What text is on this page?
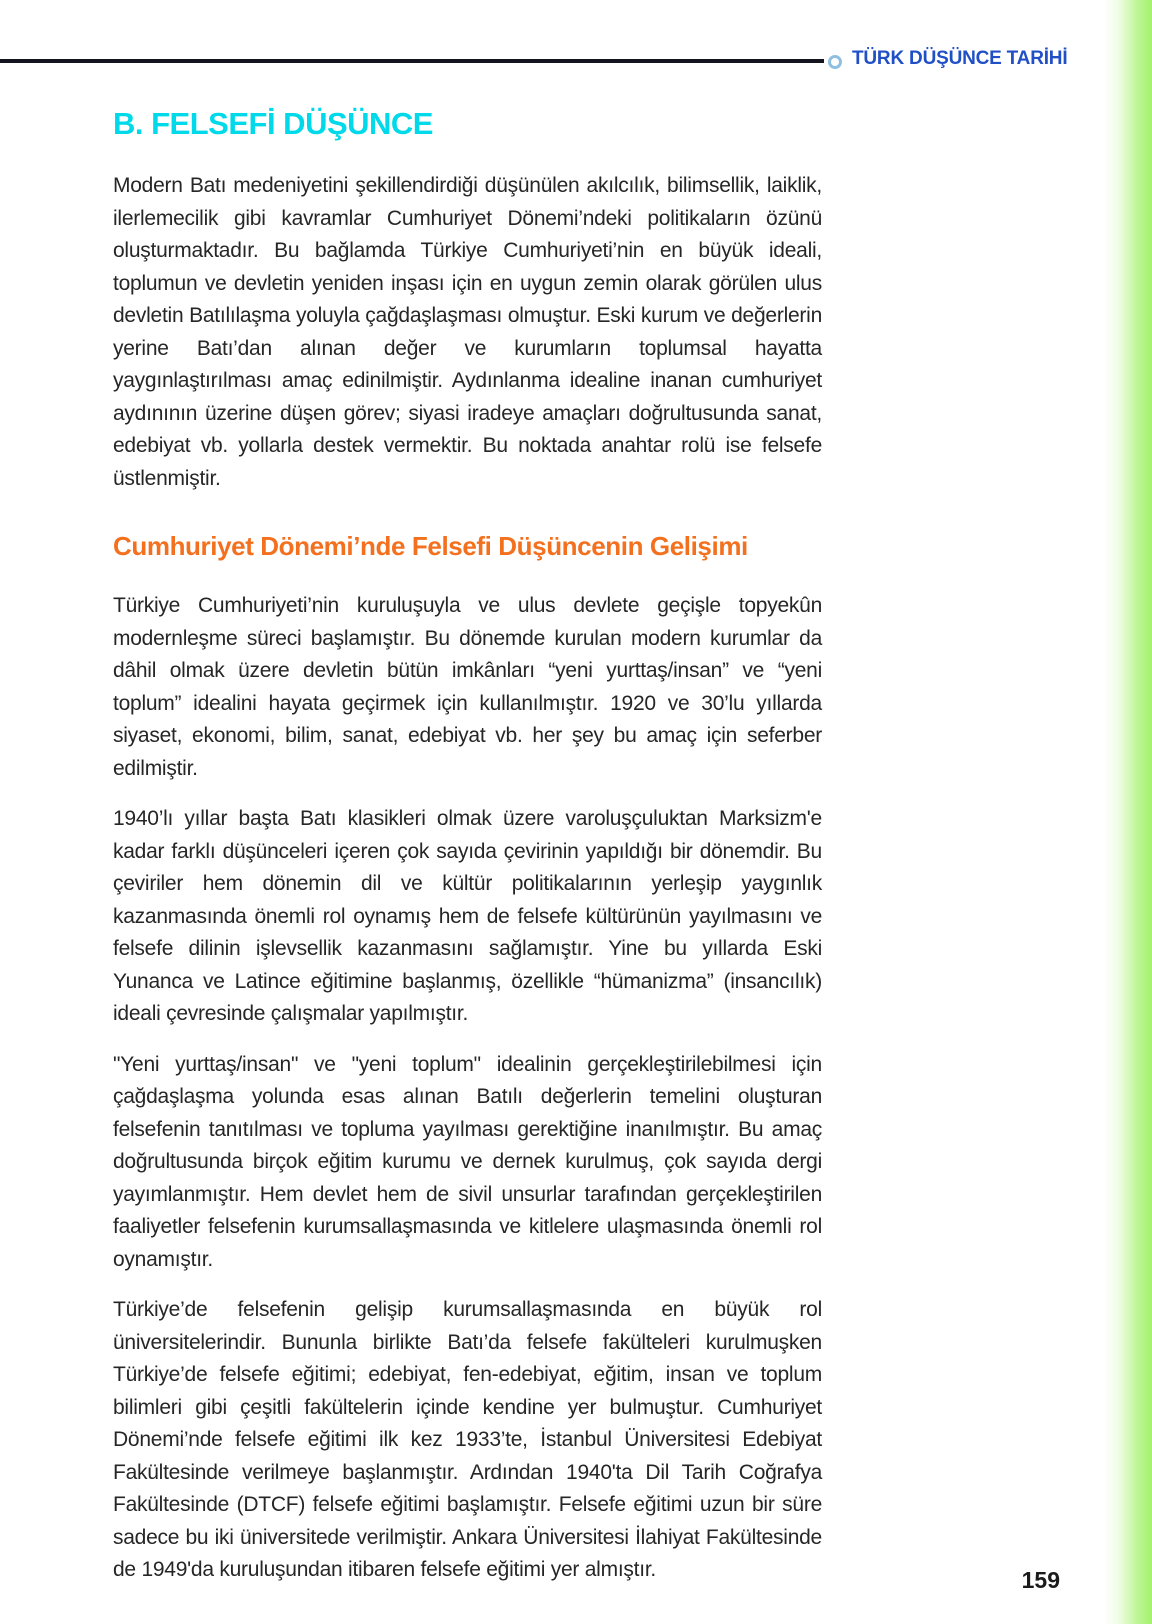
TÜRK DÜŞÜNCE TARİHİ
B. FELSEFİ DÜŞÜNCE

Modern Batı medeniyetini şekillendirdiği düşünülen akılcılık, bilimsellik, laiklik, ilerlemecilik gibi kavramlar Cumhuriyet Dönemi’ndeki politikaların özünü oluşturmaktadır. Bu bağlamda Türkiye Cumhuriyeti’nin en büyük ideali, toplumun ve devletin yeniden inşası için en uygun zemin olarak görülen ulus devletin Batılılaşma yoluyla çağdaşlaşması olmuştur. Eski kurum ve değerlerin yerine Batı’dan alınan değer ve kurumların toplumsal hayatta yaygınlaştırılması amaç edinilmiştir. Aydınlanma idealine inanan cumhuriyet aydınının üzerine düşen görev; siyasi iradeye amaçları doğrultusunda sanat, edebiyat vb. yollarla destek vermektir. Bu noktada anahtar rolü ise felsefe üstlenmiştir.

Cumhuriyet Dönemi’nde Felsefi Düşüncenin Gelişimi

Türkiye Cumhuriyeti’nin kuruluşuyla ve ulus devlete geçişle topyekûn modernleşme süreci başlamıştır. Bu dönemde kurulan modern kurumlar da dâhil olmak üzere devletin bütün imkânları “yeni yurttaş/insan” ve “yeni toplum” idealini hayata geçirmek için kullanılmıştır. 1920 ve 30’lu yıllarda siyaset, ekonomi, bilim, sanat, edebiyat vb. her şey bu amaç için seferber edilmiştir.

1940’lı yıllar başta Batı klasikleri olmak üzere varoluşçuluktan Marksizm'e kadar farklı düşünceleri içeren çok sayıda çevirinin yapıldığı bir dönemdir. Bu çeviriler hem dönemin dil ve kültür politikalarının yerleşip yaygınlık kazanmasında önemli rol oynamış hem de felsefe kültürünün yayılmasını ve felsefe dilinin işlevsellik kazanmasını sağlamıştır. Yine bu yıllarda Eski Yunanca ve Latince eğitimine başlanmış, özellikle “hümanizma” (insancılık) ideali çevresinde çalışmalar yapılmıştır.

"Yeni yurttaş/insan" ve "yeni toplum" idealinin gerçekleştirilebilmesi için çağdaşlaşma yolunda esas alınan Batılı değerlerin temelini oluşturan felsefenin tanıtılması ve topluma yayılması gerektiğine inanılmıştır. Bu amaç doğrultusunda birçok eğitim kurumu ve dernek kurulmuş, çok sayıda dergi yayımlanmıştır. Hem devlet hem de sivil unsurlar tarafından gerçekleştirilen faaliyetler felsefenin kurumsallaşmasında ve kitlelere ulaşmasında önemli rol oynamıştır.

Türkiye’de felsefenin gelişip kurumsallaşmasında en büyük rol üniversitelerindir. Bununla birlikte Batı’da felsefe fakülteleri kurulmuşken Türkiye’de felsefe eğitimi; edebiyat, fen-edebiyat, eğitim, insan ve toplum bilimleri gibi çeşitli fakültelerin içinde kendine yer bulmuştur. Cumhuriyet Dönemi’nde felsefe eğitimi ilk kez 1933’te, İstanbul Üniversitesi Edebiyat Fakültesinde verilmeye başlanmıştır. Ardından 1940'ta Dil Tarih Coğrafya Fakültesinde (DTCF) felsefe eğitimi başlamıştır. Felsefe eğitimi uzun bir süre sadece bu iki üniversitede verilmiştir. Ankara Üniversitesi İlahiyat Fakültesinde de 1949'da kuruluşundan itibaren felsefe eğitimi yer almıştır.	159
